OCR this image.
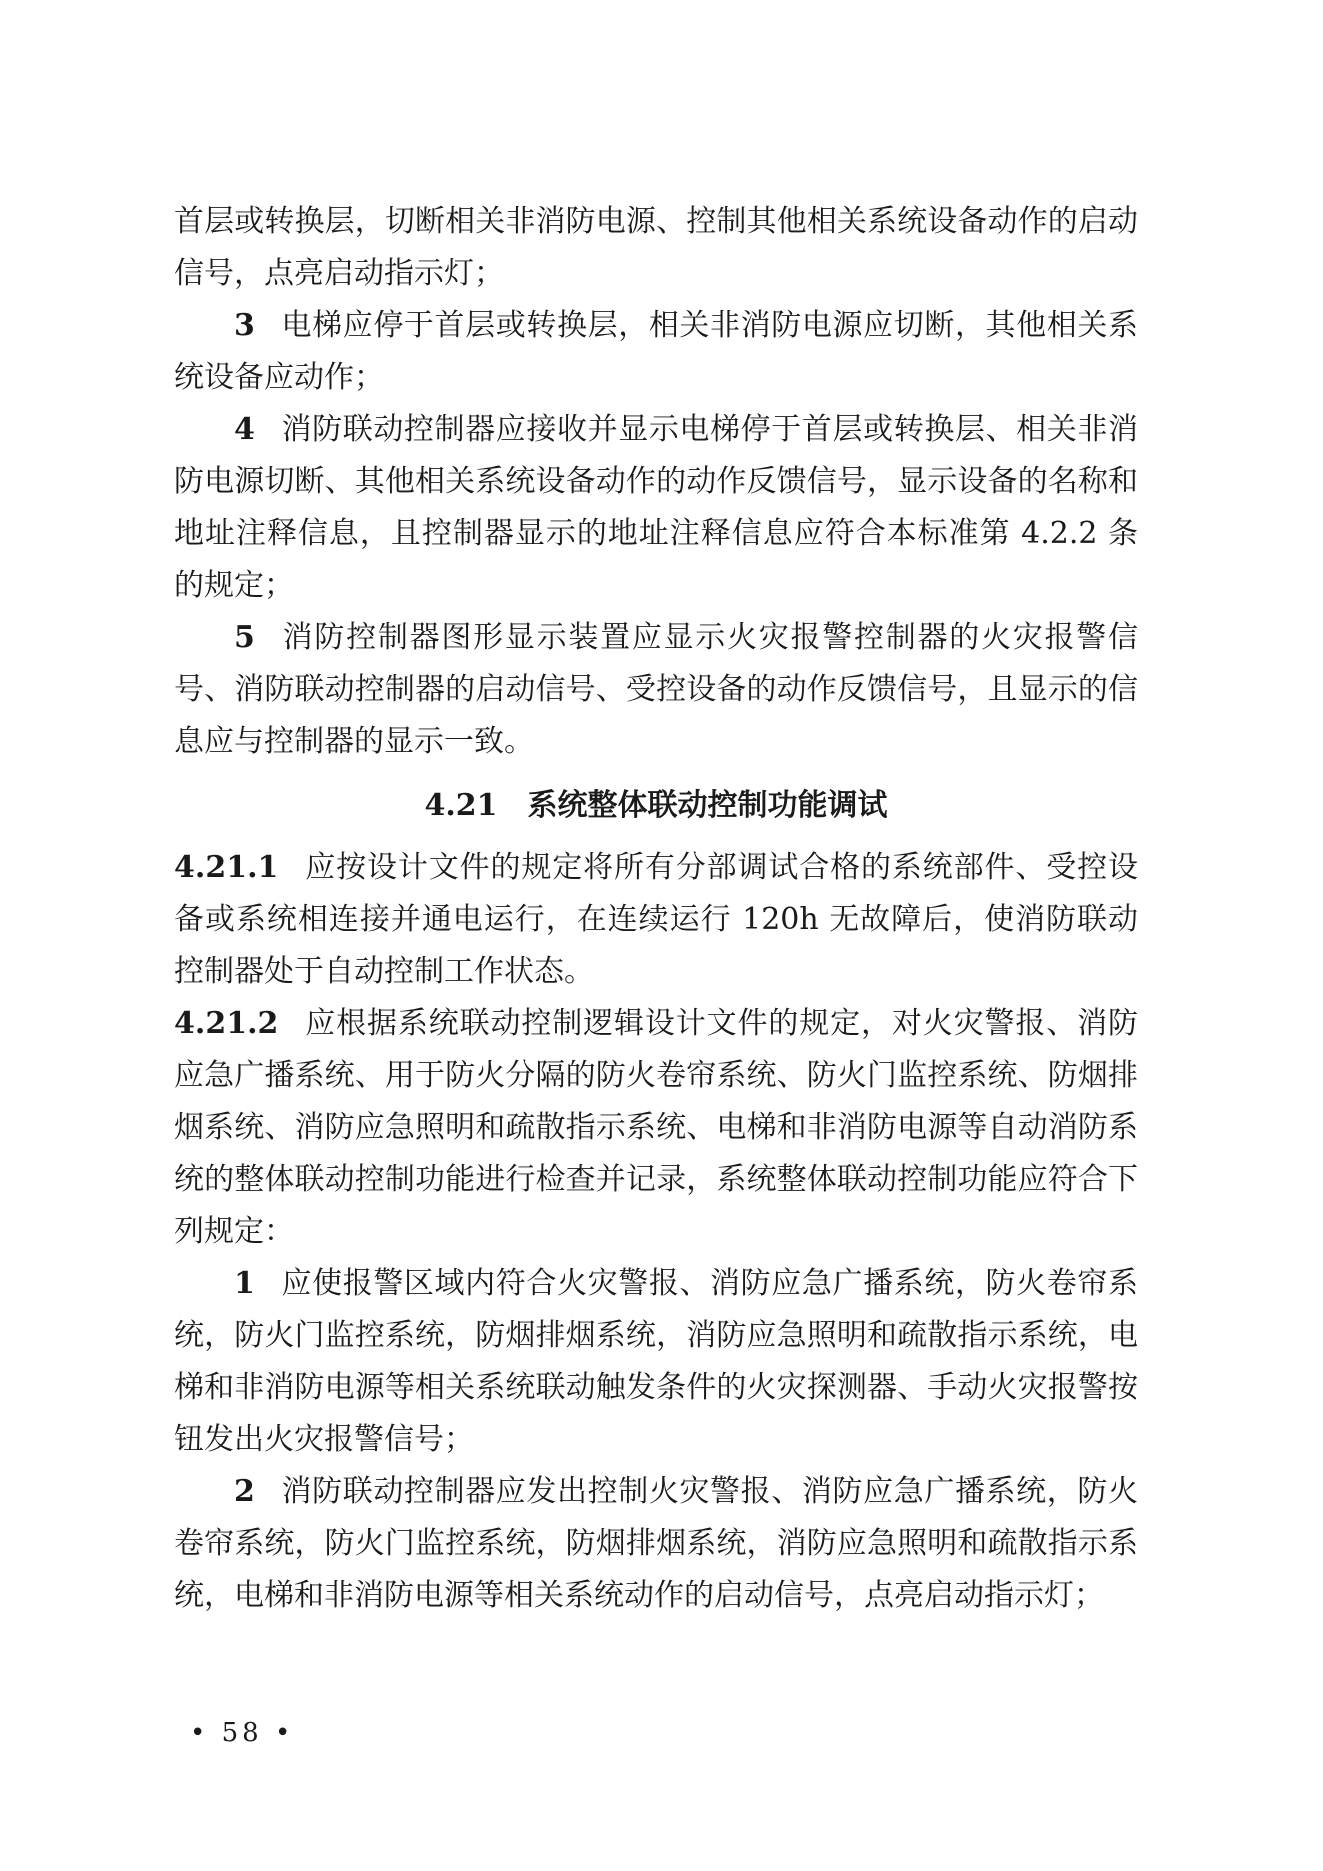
首层或转换层，切断相关非消防电源、控制其他相关系统设备动作的启动信号，点亮启动指示灯；

3 电梯应停于首层或转换层，相关非消防电源应切断，其他相关系统设备应动作；

4 消防联动控制器应接收并显示电梯停于首层或转换层、相关非消防电源切断、其他相关系统设备动作的动作反馈信号，显示设备的名称和地址注释信息，且控制器显示的地址注释信息应符合本标准第 4.2.2 条的规定；

5 消防控制器图形显示装置应显示火灾报警控制器的火灾报警信号、消防联动控制器的启动信号、受控设备的动作反馈信号，且显示的信息应与控制器的显示一致。

4.21 系统整体联动控制功能调试

4.21.1 应按设计文件的规定将所有分部调试合格的系统部件、受控设备或系统相连接并通电运行，在连续运行 120h 无故障后，使消防联动控制器处于自动控制工作状态。

4.21.2 应根据系统联动控制逻辑设计文件的规定，对火灾警报、消防应急广播系统、用于防火分隔的防火卷帘系统、防火门监控系统、防烟排烟系统、消防应急照明和疏散指示系统、电梯和非消防电源等自动消防系统的整体联动控制功能进行检查并记录，系统整体联动控制功能应符合下列规定：

1 应使报警区域内符合火灾警报、消防应急广播系统，防火卷帘系统，防火门监控系统，防烟排烟系统，消防应急照明和疏散指示系统，电梯和非消防电源等相关系统联动触发条件的火灾探测器、手动火灾报警按钮发出火灾报警信号；

2 消防联动控制器应发出控制火灾警报、消防应急广播系统，防火卷帘系统，防火门监控系统，防烟排烟系统，消防应急照明和疏散指示系统，电梯和非消防电源等相关系统动作的启动信号，点亮启动指示灯；

• 58 •
